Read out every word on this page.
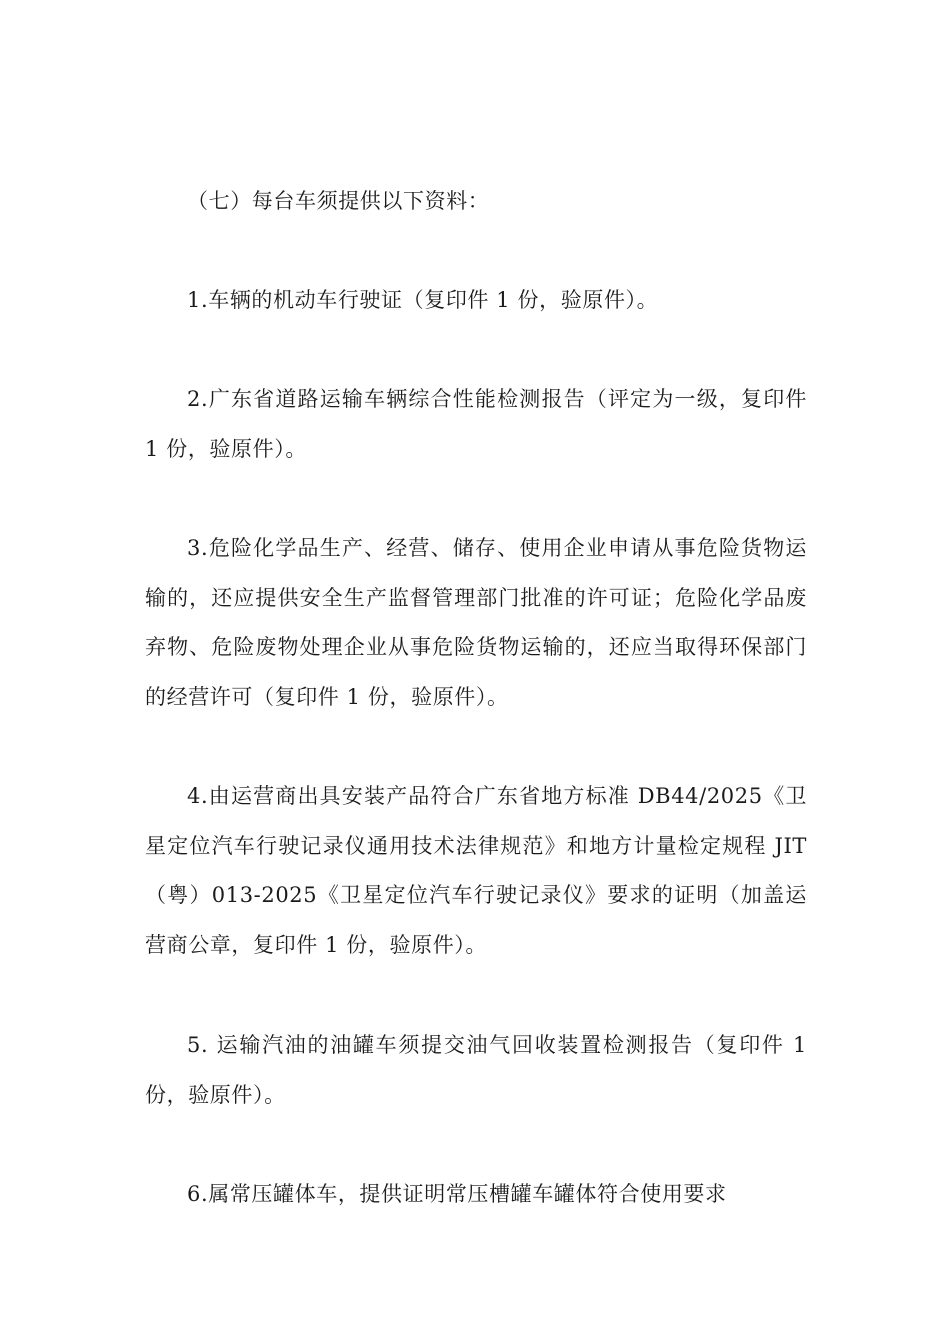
（七）每台车须提供以下资料：

1.车辆的机动车行驶证（复印件 1 份，验原件）。

2.广东省道路运输车辆综合性能检测报告（评定为一级，复印件 1 份，验原件）。

3.危险化学品生产、经营、储存、使用企业申请从事危险货物运输的，还应提供安全生产监督管理部门批准的许可证；危险化学品废弃物、危险废物处理企业从事危险货物运输的，还应当取得环保部门的经营许可（复印件 1 份，验原件）。

4.由运营商出具安装产品符合广东省地方标准 DB44/2025《卫星定位汽车行驶记录仪通用技术法律规范》和地方计量检定规程 JIT（粤）013-2025《卫星定位汽车行驶记录仪》要求的证明（加盖运营商公章，复印件 1 份，验原件）。

5. 运输汽油的油罐车须提交油气回收装置检测报告（复印件 1 份，验原件）。

6.属常压罐体车，提供证明常压槽罐车罐体符合使用要求
